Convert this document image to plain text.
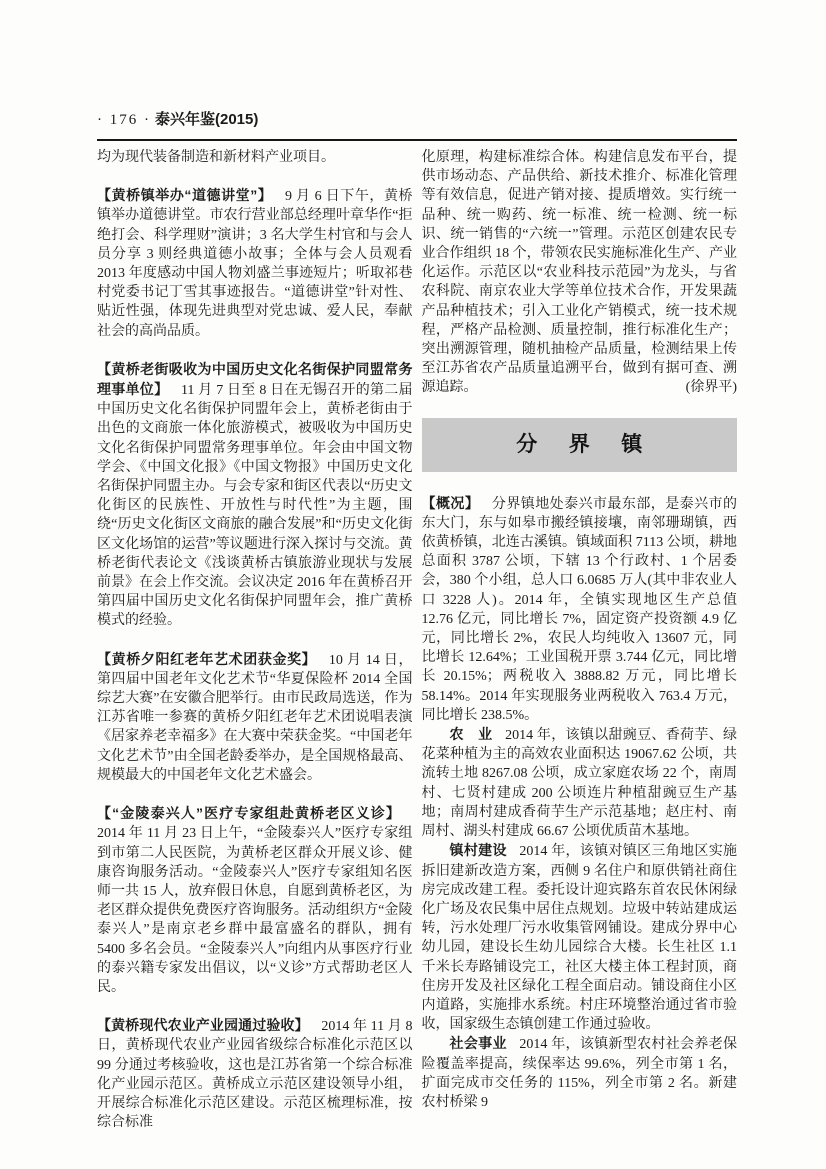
· 176 · 泰兴年鉴(2015)

均为现代装备制造和新材料产业项目。

【黄桥镇举办“道德讲堂”】 9 月 6 日下午，黄桥镇举办道德讲堂。市农行营业部总经理叶章华作“拒绝打会、科学理财”演讲；3 名大学生村官和与会人员分享 3 则经典道德小故事；全体与会人员观看 2013 年度感动中国人物刘盛兰事迹短片；听取祁巷村党委书记丁雪其事迹报告。“道德讲堂”针对性、贴近性强，体现先进典型对党忠诚、爱人民，奉献社会的高尚品质。

【黄桥老街吸收为中国历史文化名街保护同盟常务理事单位】 11 月 7 日至 8 日在无锡召开的第二届中国历史文化名街保护同盟年会上，黄桥老街由于出色的文商旅一体化旅游模式，被吸收为中国历史文化名街保护同盟常务理事单位。年会由中国文物学会、《中国文化报》《中国文物报》中国历史文化名街保护同盟主办。与会专家和街区代表以“历史文化街区的民族性、开放性与时代性”为主题，围绕“历史文化街区文商旅的融合发展”和“历史文化街区文化场馆的运营”等议题进行深入探讨与交流。黄桥老街代表论文《浅谈黄桥古镇旅游业现状与发展前景》在会上作交流。会议决定 2016 年在黄桥召开第四届中国历史文化名街保护同盟年会，推广黄桥模式的经验。

【黄桥夕阳红老年艺术团获金奖】 10 月 14 日，第四届中国老年文化艺术节“华夏保险杯 2014 全国综艺大赛”在安徽合肥举行。由市民政局选送，作为江苏省唯一参赛的黄桥夕阳红老年艺术团说唱表演《居家养老幸福多》在大赛中荣获金奖。“中国老年文化艺术节”由全国老龄委举办，是全国规格最高、规模最大的中国老年文化艺术盛会。

【“金陵泰兴人”医疗专家组赴黄桥老区义诊】2014 年 11 月 23 日上午，“金陵泰兴人”医疗专家组到市第二人民医院，为黄桥老区群众开展义诊、健康咨询服务活动。“金陵泰兴人”医疗专家组知名医师一共 15 人，放弃假日休息，自愿到黄桥老区，为老区群众提供免费医疗咨询服务。活动组织方“金陵泰兴人”是南京老乡群中最富盛名的群队，拥有 5400 多名会员。“金陵泰兴人”向组内从事医疗行业的泰兴籍专家发出倡议，以“义诊”方式帮助老区人民。

【黄桥现代农业产业园通过验收】 2014 年 11 月 8 日，黄桥现代农业产业园省级综合标准化示范区以 99 分通过考核验收，这也是江苏省第一个综合标准化产业园示范区。黄桥成立示范区建设领导小组，开展综合标准化示范区建设。示范区梳理标准，按综合标准

化原理，构建标准综合体。构建信息发布平台，提供市场动态、产品供给、新技术推介、标准化管理等有效信息，促进产销对接、提质增效。实行统一品种、统一购药、统一标准、统一检测、统一标识、统一销售的“六统一”管理。示范区创建农民专业合作组织 18 个，带领农民实施标准化生产、产业化运作。示范区以“农业科技示范园”为龙头，与省农科院、南京农业大学等单位技术合作，开发果蔬产品种植技术；引入工业化产销模式，统一技术规程，严格产品检测、质量控制，推行标准化生产；突出溯源管理，随机抽检产品质量，检测结果上传至江苏省农产品质量追溯平台，做到有据可查、溯源追踪。	(徐界平)

分界镇

【概况】 分界镇地处泰兴市最东部，是泰兴市的东大门，东与如皋市搬经镇接壤，南邻珊瑚镇，西依黄桥镇，北连古溪镇。镇域面积 7113 公顷，耕地总面积 3787 公顷，下辖 13 个行政村、1 个居委会，380 个小组，总人口 6.0685 万人(其中非农业人口 3228 人)。2014 年，全镇实现地区生产总值 12.76 亿元，同比增长 7%，固定资产投资额 4.9 亿元，同比增长 2%，农民人均纯收入 13607 元，同比增长 12.64%；工业国税开票 3.744 亿元，同比增长 20.15%；两税收入 3888.82 万元，同比增长 58.14%。2014 年实现服务业两税收入 763.4 万元，同比增长 238.5%。

农　业 2014 年，该镇以甜豌豆、香荷芋、绿花菜种植为主的高效农业面积达 19067.62 公顷，共流转土地 8267.08 公顷，成立家庭农场 22 个，南周村、七贤村建成 200 公顷连片种植甜豌豆生产基地；南周村建成香荷芋生产示范基地；赵庄村、南周村、湖头村建成 66.67 公顷优质苗木基地。

镇村建设 2014 年，该镇对镇区三角地区实施拆旧建新改造方案，西侧 9 名住户和原供销社商住房完成改建工程。委托设计迎宾路东首农民休闲绿化广场及农民集中居住点规划。垃圾中转站建成运转，污水处理厂污水收集管网铺设。建成分界中心幼儿园，建设长生幼儿园综合大楼。长生社区 1.1 千米长寿路铺设完工，社区大楼主体工程封顶，商住房开发及社区绿化工程全面启动。铺设商住小区内道路，实施排水系统。村庄环境整治通过省市验收，国家级生态镇创建工作通过验收。

社会事业 2014 年，该镇新型农村社会养老保险覆盖率提高，续保率达 99.6%，列全市第 1 名，扩面完成市交任务的 115%，列全市第 2 名。新建农村桥梁 9
